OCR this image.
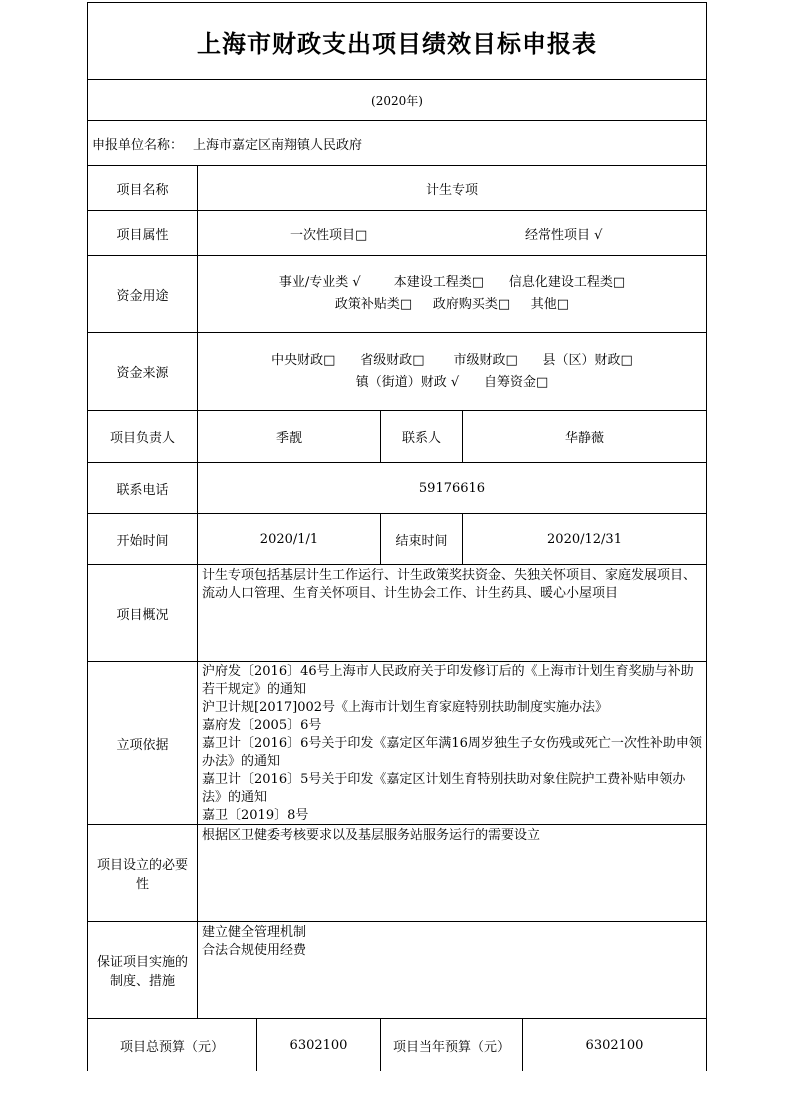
上海市财政支出项目绩效目标申报表
(2020年)
申报单位名称： 上海市嘉定区南翔镇人民政府
项目名称	计生专项
项目属性	一次性项目□	经常性项目 √
资金用途
事业/专业类 √        本建设工程类□      信息化建设工程类□
政策补贴类□     政府购买类□     其他□
资金来源
中央财政□      省级财政□       市级财政□      县（区）财政□
镇（街道）财政 √      自筹资金□
项目负责人	季靓	联系人	华静薇
联系电话	59176616
开始时间	2020/1/1	结束时间	2020/12/31
项目概况
计生专项包括基层计生工作运行、计生政策奖扶资金、失独关怀项目、家庭发展项目、流动人口管理、生育关怀项目、计生协会工作、计生药具、暖心小屋项目
立项依据
沪府发〔2016〕46号上海市人民政府关于印发修订后的《上海市计划生育奖励与补助若干规定》的通知
沪卫计规[2017]002号《上海市计划生育家庭特别扶助制度实施办法》
嘉府发〔2005〕6号
嘉卫计〔2016〕6号关于印发《嘉定区年满16周岁独生子女伤残或死亡一次性补助申领办法》的通知
嘉卫计〔2016〕5号关于印发《嘉定区计划生育特别扶助对象住院护工费补贴申领办法》的通知
嘉卫〔2019〕8号
项目设立的必要性
根据区卫健委考核要求以及基层服务站服务运行的需要设立
保证项目实施的制度、措施
建立健全管理机制
合法合规使用经费
项目总预算（元）	6302100	项目当年预算（元）	6302100
